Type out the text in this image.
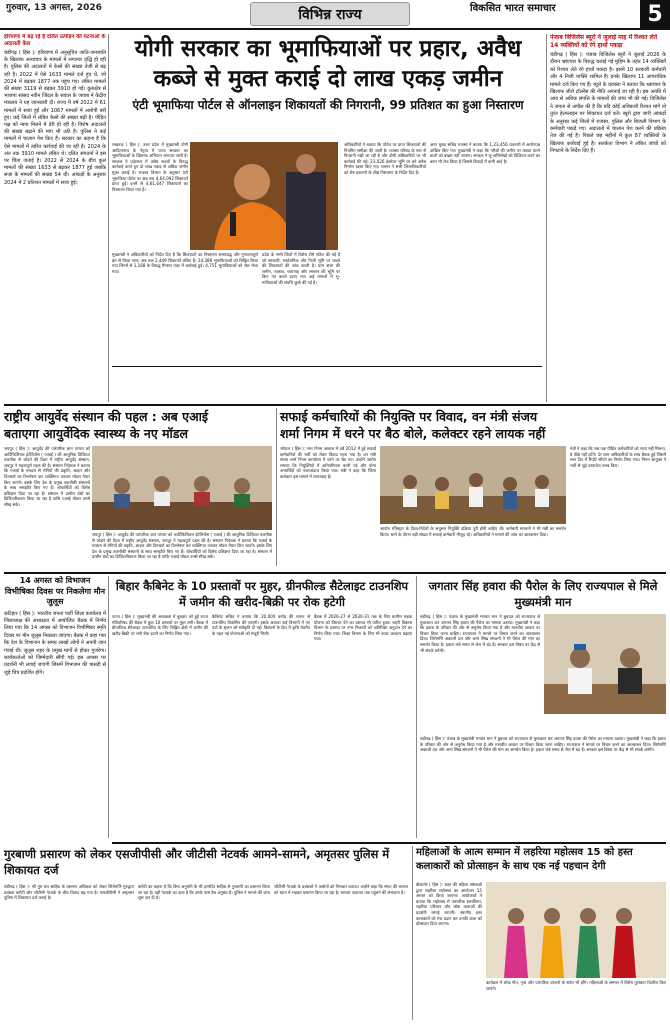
गुरुवार, 13 अगस्त, 2026	विभिन्न राज्य	विकसित भारत समाचार	5
हरियाणा में बढ़ रहे हैं दलित उत्पीड़न की घटनाओं के अदालती केस

चंडीगढ़ ( हिंस ): हरियाणा में अनुसूचित जाति-जनजाति के खिलाफ अत्याचार के मामलों में लगातार वृद्धि हो रही है। पुलिस की अदालतों में केसों की संख्या तेजी से बढ़ रही है। 2022 में ऐसे 1633 मामले दर्ज हुए थे, जो 2024 में बढ़कर 1877 तक पहुंच गए। लंबित मामलों की संख्या 3119 से बढ़कर 3910 हो गई। कुरुक्षेत्र से भाजपा सांसद नवीन जिंदल के सवाल के जवाब में केंद्रीय मंत्रालय ने यह जानकारी दी। राज्य में वर्ष 2022 में 61 मामलों में सजा हुई और 1067 मामलों में आरोपी बरी हुए। कई जिलों में लंबित केसों की संख्या बढ़ी है। पीड़ित पक्ष को न्याय मिलने में देरी हो रही है। विशेष अदालतों की संख्या बढ़ाने की मांग भी उठी है। पुलिस ने कई मामलों में चालान पेश किए हैं। सरकार का कहना है कि ऐसे मामलों में त्वरित कार्रवाई की जा रही है। 2024 के अंत तक 3910 मामले लंबित थे। दलित संगठनों ने इस पर चिंता जताई है। 2022 से 2024 के बीच कुल मामलों की संख्या 1633 से बढ़कर 1877 हुई जबकि सजा के मामलों की संख्या 54 थी। आंकड़ों के अनुसार 2024 में 2 प्रतिशत मामलों में सजा हुई।

योगी सरकार का भूमाफियाओं पर प्रहार, अवैध कब्जे से मुक्त कराई दो लाख एकड़ जमीन
एंटी भूमाफिया पोर्टल से ऑनलाइन शिकायतों की निगरानी, 99 प्रतिशत का हुआ निस्तारण

लखनऊ ( हिंस ): उत्तर प्रदेश में मुख्यमंत्री योगी आदित्यनाथ के नेतृत्व में राज्य सरकार का भूमाफियाओं के खिलाफ अभियान लगातार जारी है। सरकार ने प्रदेशभर में अवैध कब्जों के विरुद्ध कार्रवाई करते हुए दो लाख एकड़ से अधिक जमीन मुक्त कराई है। राजस्व विभाग के अनुसार एंटी भूमाफिया पोर्टल पर अब तक 4,64,092 शिकायतें प्राप्त हुईं। इनमें से 4,61,647 शिकायतों का निस्तारण किया गया है।

मुख्यमंत्री ने अधिकारियों को निर्देश दिए हैं कि शिकायतों का निस्तारण समयबद्ध और गुणवत्तापूर्ण ढंग से किया जाए। अब तक 2,449 शिकायतें लंबित हैं। 24,386 भूमाफियाओं को चिह्नित किया गया जिनमें से 1,168 के विरुद्ध गैंगस्टर एक्ट में कार्रवाई हुई। 4,751 भूमाफियाओं को जेल भेजा गया।

प्रदेश के सभी जिलों में विशेष टीमें गठित की गई हैं जो सरकारी, सार्वजनिक और निजी भूमि पर कब्जे की शिकायतों की जांच करती हैं। ग्राम सभा की जमीन, तालाब, चारागाह और श्मशान की भूमि पर किए गए कब्जे हटाए गए। कई मामलों में भू-माफियाओं की संपत्ति कुर्क की गई है।

अधिकारियों ने बताया कि पोर्टल पर प्राप्त शिकायतों की नियमित समीक्षा की जाती है। राजस्व परिषद के स्तर से निगरानी रखी जा रही है और दोषी अधिकारियों पर भी कार्रवाई की गई। 23,026 हेक्टेयर भूमि पर बने अवैध निर्माण ध्वस्त किए गए। शासन ने सभी जिलाधिकारियों को शेष प्रकरणों के शीघ्र निस्तारण के निर्देश दिए हैं।

अपर मुख्य सचिव राजस्व ने बताया कि 1,23,456 प्रकरणों में आरोपपत्र दाखिल किए गए। मुख्यमंत्री ने कहा कि गरीबों की जमीन पर कब्जा करने वालों को बख्शा नहीं जाएगा। सरकार ने भू-अभिलेखों को डिजिटल करने का काम भी तेज किया है जिससे विवादों में कमी आई है।

पंजाब विजिलेंस ब्यूरो ने जुलाई माह में रिश्वत लेते 14 व्यक्तियों को रंगे हाथों पकड़ा

चंडीगढ़ ( हिंस ): पंजाब विजिलेंस ब्यूरो ने जुलाई 2026 के दौरान भ्रष्टाचार के विरुद्ध चलाई गई मुहिम के तहत 14 व्यक्तियों को रिश्वत लेते रंगे हाथों पकड़ा है। इसमें 10 सरकारी कर्मचारी और 4 निजी व्यक्ति शामिल हैं। इनके खिलाफ 11 आपराधिक मामले दर्ज किए गए हैं। ब्यूरो के प्रवक्ता ने बताया कि भ्रष्टाचार के खिलाफ जीरो टॉलरेंस की नीति अपनाई जा रही है। इस अवधि में आय से अधिक संपत्ति के मामलों की जांच भी की गई। विजिलेंस ने जनता से अपील की है कि यदि कोई अधिकारी रिश्वत मांगे तो तुरंत हेल्पलाइन पर शिकायत दर्ज करें। ब्यूरो द्वारा जारी आंकड़ों के अनुसार कई जिलों में राजस्व, पुलिस और बिजली विभाग के कर्मचारी पकड़े गए। अदालतों में चालान पेश करने की प्रक्रिया तेज की गई है। पिछले छह महीनों में कुल 87 व्यक्तियों के खिलाफ कार्रवाई हुई है। सतर्कता विभाग ने लंबित जांचों को निपटाने के निर्देश दिए हैं।

राष्ट्रीय आयुर्वेद संस्थान की पहल : अब एआई
बताएगा आयुर्वेदिक स्वास्थ्य के नए मॉडल

जयपुर ( हिंस ): आयुर्वेद की पारंपरिक ज्ञान परंपरा को आर्टिफिशियल इंटेलिजेंस ( एआई ) की आधुनिक डिजिटल तकनीक से जोड़ने की दिशा में राष्ट्रीय आयुर्वेद संस्थान, जयपुर ने महत्वपूर्ण पहल की है। संस्थान निदेशक ने बताया कि एआई के माध्यम से रोगियों की प्रकृति, आहार और दिनचर्या का विश्लेषण कर व्यक्तिगत उपचार मॉडल तैयार किए जाएंगे। इसके लिए देश के प्रमुख तकनीकी संस्थानों के साथ समझौते किए गए हैं। शोधार्थियों को विशेष प्रशिक्षण दिया जा रहा है। संस्थान में प्राचीन ग्रंथों का डिजिटलीकरण किया जा रहा है ताकि एआई मॉडल उनसे सीख सकें।

जयपुर ( हिंस ): आयुर्वेद की पारंपरिक ज्ञान परंपरा को आर्टिफिशियल इंटेलिजेंस ( एआई ) की आधुनिक डिजिटल तकनीक से जोड़ने की दिशा में राष्ट्रीय आयुर्वेद संस्थान, जयपुर ने महत्वपूर्ण पहल की है। संस्थान निदेशक ने बताया कि एआई के माध्यम से रोगियों की प्रकृति, आहार और दिनचर्या का विश्लेषण कर व्यक्तिगत उपचार मॉडल तैयार किए जाएंगे। इसके लिए देश के प्रमुख तकनीकी संस्थानों के साथ समझौते किए गए हैं। शोधार्थियों को विशेष प्रशिक्षण दिया जा रहा है। संस्थान में प्राचीन ग्रंथों का डिजिटलीकरण किया जा रहा है ताकि एआई मॉडल उनसे सीख सकें।

सफाई कर्मचारियों की नियुक्ति पर विवाद, वन मंत्री संजय
शर्मा निगम में धरने पर बैठ बोले, कलेक्टर रहने लायक नहीं

भोपाल ( हिंस ): नगर निगम आवास में वर्ष 2012 में हुई सफाई कर्मचारियों की भर्ती को लेकर विवाद गहरा गया है। वन मंत्री संजय शर्मा निगम कार्यालय में धरने पर बैठ गए। उन्होंने आरोप लगाया कि नियुक्तियों में अनियमितता बरती गई और योग्य अभ्यर्थियों को नजरअंदाज किया गया। मंत्री ने कहा कि जिला कलेक्टर इस मामले में लापरवाह हैं।

आयोग रजिस्ट्रार के दिशा-निर्देशों के अनुसार नियुक्ति प्रक्रिया पूरी होनी चाहिए थी। कर्मचारी संगठनों ने भी मंत्री का समर्थन किया। धरने के दौरान बड़ी संख्या में सफाई कर्मचारी मौजूद रहे। अधिकारियों ने मामले की जांच का आश्वासन दिया।

मंत्री ने कहा कि जब तक पीड़ित कर्मचारियों को न्याय नहीं मिलता, वे पीछे नहीं हटेंगे। देर शाम अधिकारियों के साथ बैठक हुई जिसमें सात दिन में रिपोर्ट सौंपने का निर्णय लिया गया। निगम आयुक्त ने भर्ती से जुड़े दस्तावेज तलब किए।

14 अगस्त को विभाजन विभीषिका दिवस पर निकलेगा मौन जुलूस

कटिहार ( हिंस ): भारतीय जनता पार्टी जिला कार्यालय में जिलाध्यक्ष की अध्यक्षता में आयोजित बैठक में निर्णय लिया गया कि 14 अगस्त को विभाजन विभीषिका स्मृति दिवस पर मौन जुलूस निकाला जाएगा। बैठक में कहा गया कि देश के विभाजन के समय लाखों लोगों ने अपनी जान गंवाई थी। जुलूस शहर के प्रमुख मार्गों से होकर गुजरेगा। कार्यकर्ताओं को जिम्मेदारी सौंपी गई। इस अवसर पर प्रदर्शनी भी लगाई जाएगी जिसमें विभाजन की त्रासदी से जुड़े चित्र प्रदर्शित होंगे।

बिहार कैबिनेट के 10 प्रस्तावों पर मुहर, ग्रीनफील्ड सैटेलाइट टाउनशिप में जमीन की खरीद-बिक्री पर रोक हटेगी

पटना ( हिंस ): मुख्यमंत्री की अध्यक्षता में बुधवार को हुई राज्य मंत्रिपरिषद की बैठक में कुल 10 प्रस्तावों पर मुहर लगी। बैठक में ग्रीनफील्ड सैटेलाइट टाउनशिप के लिए चिह्नित क्षेत्रों में जमीन की खरीद-बिक्री पर लगी रोक हटाने का निर्णय लिया गया।

कैबिनेट सचिव ने बताया कि 20,000 करोड़ की लागत से टाउनशिप विकसित की जाएगी। इसके अलावा कई विभागों में नए पदों के सृजन को स्वीकृति दी गई। किसानों के हित में कृषि रोडमैप के तहत नई योजनाओं को मंजूरी मिली।

बैठक में 2026-27 से 2030-31 तक के लिए ग्रामीण सड़क योजना को विस्तार देने का प्रस्ताव भी पारित हुआ। शहरी विकास विभाग के प्रस्ताव पर नगर निकायों को अतिरिक्त अनुदान देने का निर्णय लिया गया। शिक्षा विभाग के लिए भी बजट आवंटन बढ़ाया गया।

जगतार सिंह हवारा की पैरोल के लिए राज्यपाल से मिले मुख्यमंत्री मान

चंडीगढ़ ( हिंस ): पंजाब के मुख्यमंत्री भगवंत मान ने बुधवार को राज्यपाल से मुलाकात कर जगतार सिंह हवारा की पैरोल का मामला उठाया। मुख्यमंत्री ने कहा कि हवारा के परिवार की ओर से अनुरोध किया गया है और मानवीय आधार पर विचार किया जाना चाहिए। राज्यपाल ने मामले पर विचार करने का आश्वासन दिया। शिरोमणि अकाली दल और अन्य सिख संगठनों ने भी पैरोल की मांग का समर्थन किया है। हवारा लंबे समय से जेल में बंद हैं। सरकार इस विषय पर केंद्र से भी संपर्क करेगी।

चंडीगढ़ ( हिंस ): पंजाब के मुख्यमंत्री भगवंत मान ने बुधवार को राज्यपाल से मुलाकात कर जगतार सिंह हवारा की पैरोल का मामला उठाया। मुख्यमंत्री ने कहा कि हवारा के परिवार की ओर से अनुरोध किया गया है और मानवीय आधार पर विचार किया जाना चाहिए। राज्यपाल ने मामले पर विचार करने का आश्वासन दिया। शिरोमणि अकाली दल और अन्य सिख संगठनों ने भी पैरोल की मांग का समर्थन किया है। हवारा लंबे समय से जेल में बंद हैं। सरकार इस विषय पर केंद्र से भी संपर्क करेगी।

गुरबाणी प्रसारण को लेकर एसजीपीसी और जीटीसी नेटवर्क आमने-सामने, अमृतसर पुलिस में शिकायत दर्ज

चंडीगढ़ ( हिंस ): श्री गुरु ग्रंथ साहिब के प्रसारण अधिकार को लेकर शिरोमणि गुरुद्वारा प्रबंधक कमेटी और जीटीसी नेटवर्क के बीच विवाद बढ़ गया है। एसजीपीसी ने अमृतसर पुलिस में शिकायत दर्ज कराई है।

कमेटी का कहना है कि बिना अनुमति के श्री हरमंदिर साहिब से गुरबाणी का प्रसारण किया जा रहा है। वहीं नेटवर्क का दावा है कि उनके पास वैध अनुबंध है। पुलिस ने मामले की जांच शुरू कर दी है।

जीटीसी नेटवर्क के प्रबंधकों ने आरोपों को निराधार बताया। उन्होंने कहा कि संगत की भावना को ध्यान में रखकर प्रसारण किया जा रहा है। मामला अदालत तक पहुंचने की संभावना है।

महिलाओं के आत्म सम्मान में लहरिया महोत्सव 15 को हस्त कलाकारों को प्रोत्साहन के साथ एक नई पहचान देगी

बीकानेर ( हिंस ): शहर की महिला संस्थाओं द्वारा लहरिया महोत्सव का आयोजन 15 अगस्त को किया जाएगा। आयोजकों ने बताया कि महोत्सव में पारंपरिक हस्तशिल्प, लहरिया परिधान और लोक कलाओं की प्रदर्शनी लगाई जाएगी। स्थानीय हस्त कलाकारों को मंच प्रदान कर उनकी कला को प्रोत्साहन दिया जाएगा।

कार्यक्रम में लोक गीत, नृत्य और पारंपरिक व्यंजनों के स्टॉल भी होंगे। महिलाओं के सम्मान में विशेष पुरस्कार वितरित किए जाएंगे।
